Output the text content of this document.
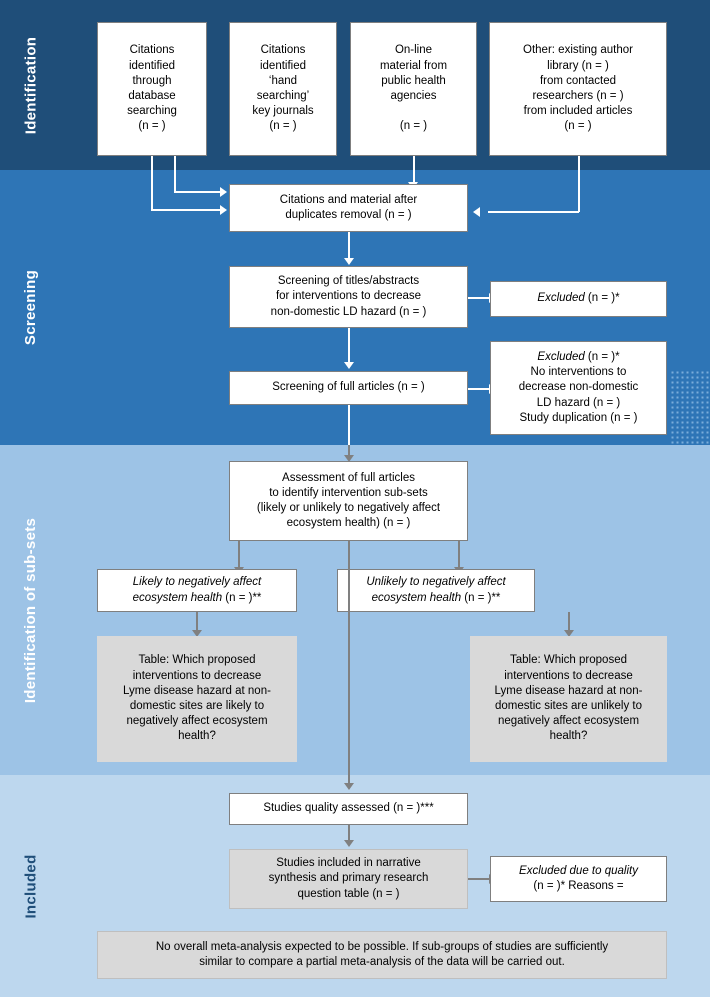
Identification
Screening
Identification of sub-sets
Included
Citations
identified
through
database
searching
(n = )
Citations
identified
‘hand
searching’
key journals
(n = )
On-line
material from
public health
agencies

(n = )
Other: existing author
library (n = )
from contacted
researchers (n = )
from included articles
(n = )
Citations and material after
duplicates removal (n = )
Screening of titles/abstracts
for interventions to decrease
non-domestic LD hazard (n = )
Excluded (n = )*
Screening of full articles (n = )
Excluded (n = )*
No interventions to
decrease non-domestic
LD hazard (n = )
Study duplication (n = )
Assessment of full articles
to identify intervention sub-sets
(likely or unlikely to negatively affect
ecosystem health) (n = )
Likely to negatively affect ecosystem health (n = )**
Unlikely to negatively affect ecosystem health (n = )**
Table: Which proposed
interventions to decrease
Lyme disease hazard at non-
domestic sites are likely to
negatively affect ecosystem
health?
Table: Which proposed
interventions to decrease
Lyme disease hazard at non-
domestic sites are unlikely to
negatively affect ecosystem
health?
Studies quality assessed (n = )***
Studies included in narrative
synthesis and primary research
question table (n = )
Excluded due to quality
(n = )* Reasons =
No overall meta-analysis expected to be possible. If sub-groups of studies are sufficiently
similar to compare a partial meta-analysis of the data will be carried out.
